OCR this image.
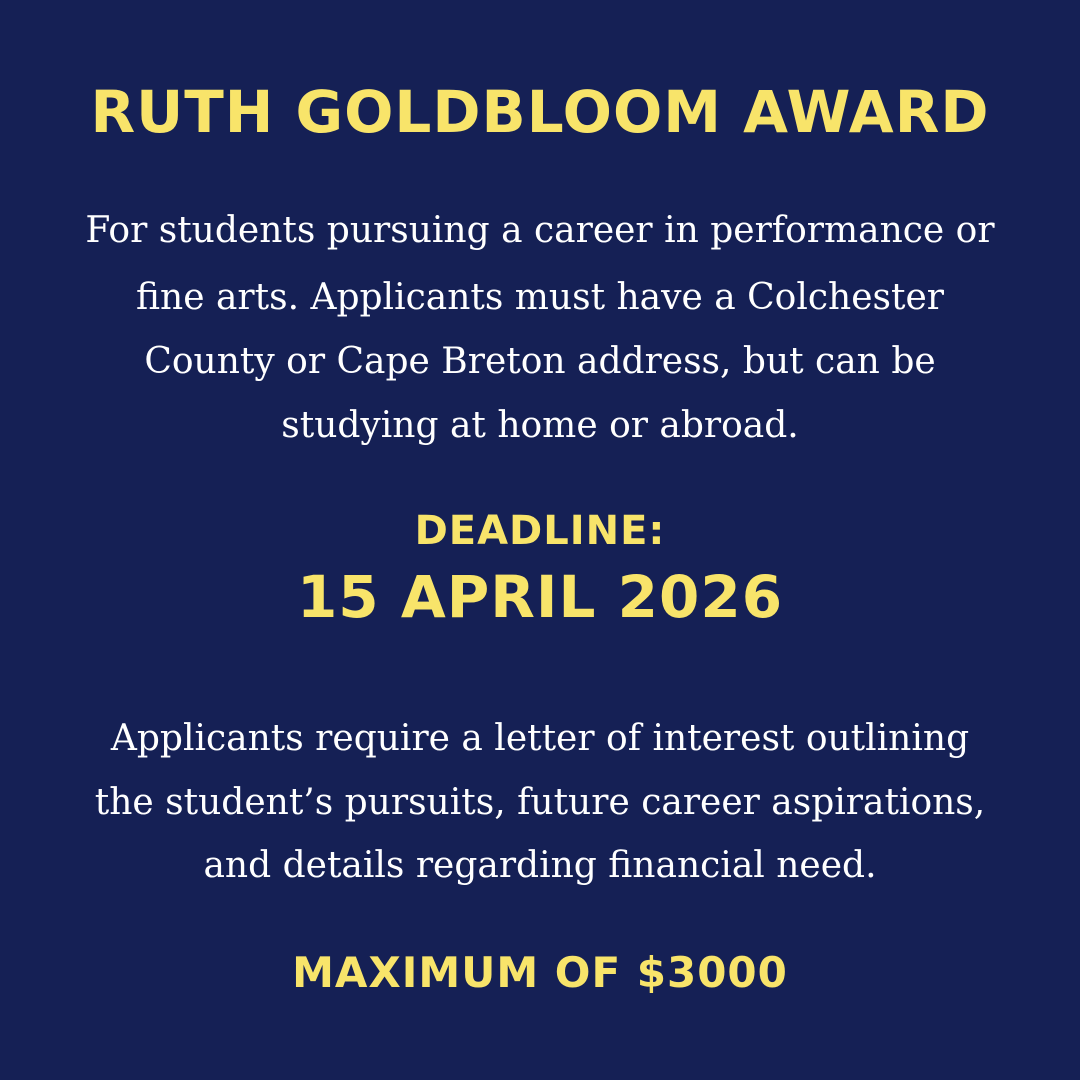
RUTH GOLDBLOOM AWARD
For students pursuing a career in performance or
fine arts. Applicants must have a Colchester
County or Cape Breton address, but can be
studying at home or abroad.
DEADLINE:
15 APRIL 2026
Applicants require a letter of interest outlining
the student’s pursuits, future career aspirations,
and details regarding financial need.
MAXIMUM OF $3000
